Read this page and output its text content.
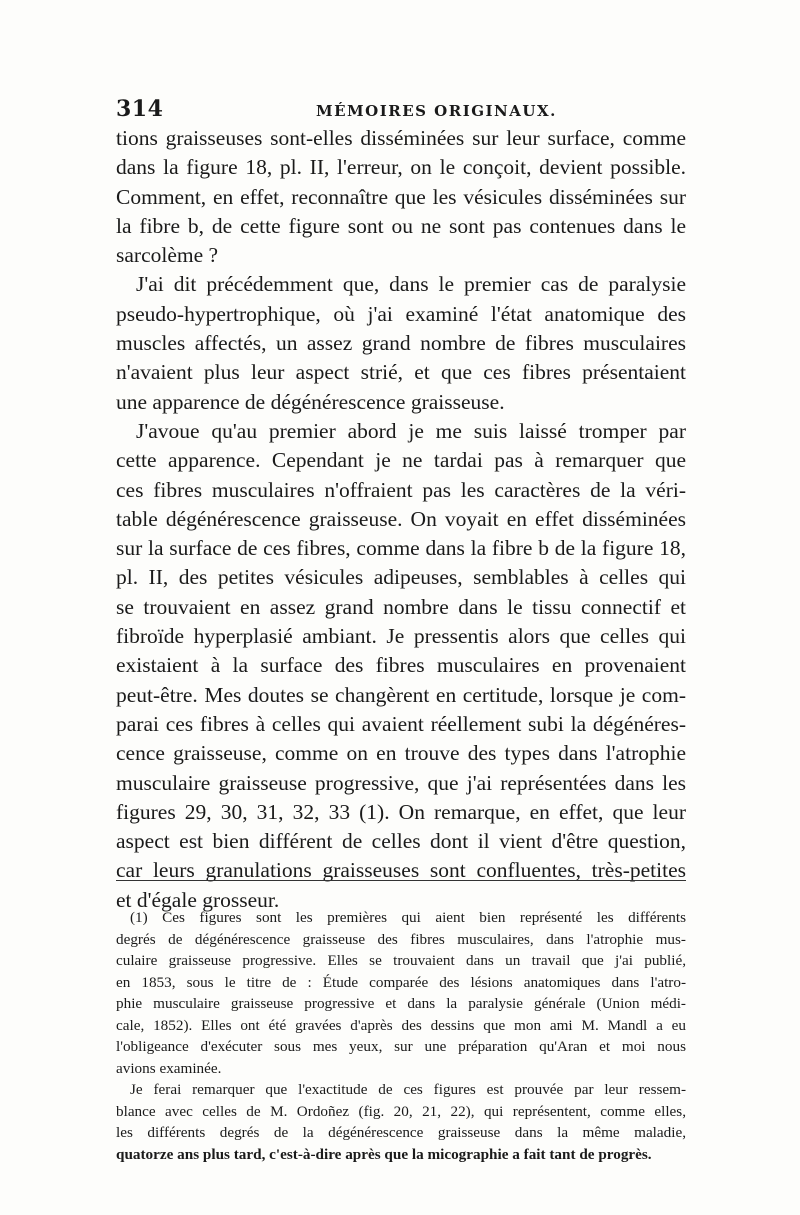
314	MÉMOIRES ORIGINAUX.
tions graisseuses sont-elles disséminées sur leur surface, comme
dans la figure 18, pl. II, l'erreur, on le conçoit, devient possible.
Comment, en effet, reconnaître que les vésicules disséminées sur
la fibre b, de cette figure sont ou ne sont pas contenues dans le
sarcolème ?
J'ai dit précédemment que, dans le premier cas de paralysie
pseudo-hypertrophique, où j'ai examiné l'état anatomique des
muscles affectés, un assez grand nombre de fibres musculaires
n'avaient plus leur aspect strié, et que ces fibres présentaient
une apparence de dégénérescence graisseuse.
J'avoue qu'au premier abord je me suis laissé tromper par
cette apparence. Cependant je ne tardai pas à remarquer que
ces fibres musculaires n'offraient pas les caractères de la véri-
table dégénérescence graisseuse. On voyait en effet disséminées
sur la surface de ces fibres, comme dans la fibre b de la figure 18,
pl. II, des petites vésicules adipeuses, semblables à celles qui
se trouvaient en assez grand nombre dans le tissu connectif et
fibroïde hyperplasié ambiant. Je pressentis alors que celles qui
existaient à la surface des fibres musculaires en provenaient
peut-être. Mes doutes se changèrent en certitude, lorsque je com-
parai ces fibres à celles qui avaient réellement subi la dégénéres-
cence graisseuse, comme on en trouve des types dans l'atrophie
musculaire graisseuse progressive, que j'ai représentées dans les
figures 29, 30, 31, 32, 33 (1). On remarque, en effet, que leur
aspect est bien différent de celles dont il vient d'être question,
car leurs granulations graisseuses sont confluentes, très-petites
et d'égale grosseur.
(1) Ces figures sont les premières qui aient bien représenté les différents
degrés de dégénérescence graisseuse des fibres musculaires, dans l'atrophie mus-
culaire graisseuse progressive. Elles se trouvaient dans un travail que j'ai publié,
en 1853, sous le titre de : Étude comparée des lésions anatomiques dans l'atro-
phie musculaire graisseuse progressive et dans la paralysie générale (Union médi-
cale, 1852). Elles ont été gravées d'après des dessins que mon ami M. Mandl a eu
l'obligeance d'exécuter sous mes yeux, sur une préparation qu'Aran et moi nous
avions examinée.
Je ferai remarquer que l'exactitude de ces figures est prouvée par leur ressem-
blance avec celles de M. Ordoñez (fig. 20, 21, 22), qui représentent, comme elles,
les différents degrés de la dégénérescence graisseuse dans la même maladie,
quatorze ans plus tard, c'est-à-dire après que la micographie a fait tant de progrès.
